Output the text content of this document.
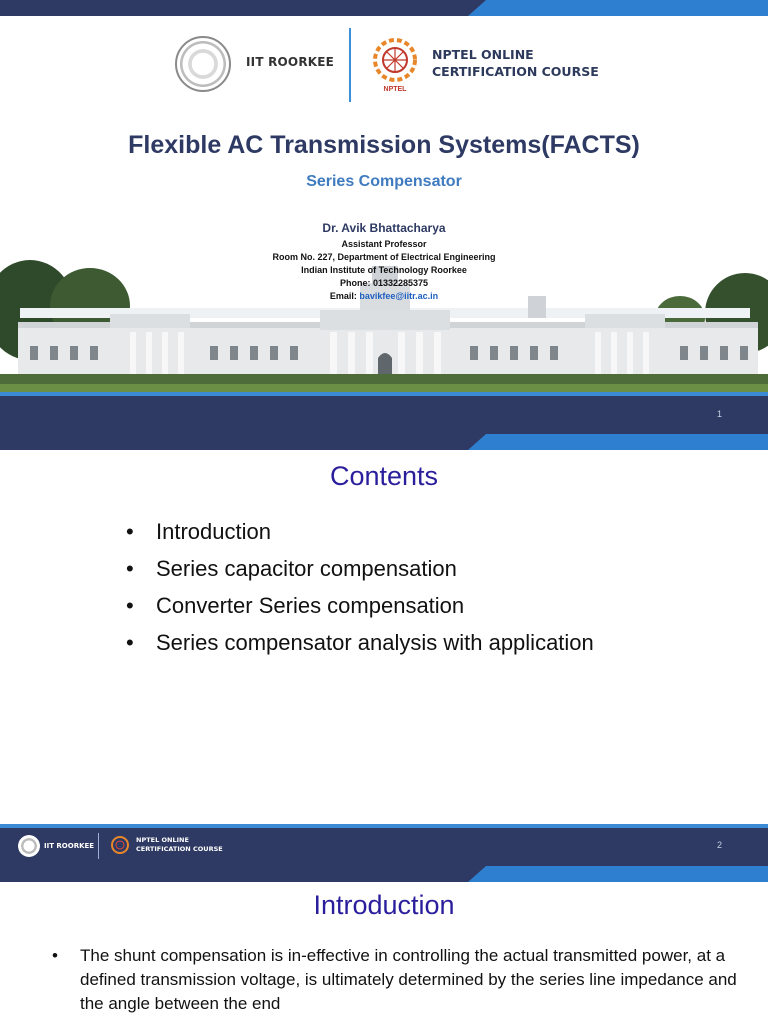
IIT ROORKEE
NPTEL
NPTEL ONLINE
CERTIFICATION COURSE
Flexible AC Transmission Systems(FACTS)
Series Compensator
Dr. Avik Bhattacharya
Assistant Professor
Room No. 227, Department of Electrical Engineering
Indian Institute of Technology Roorkee
Phone: 01332285375
Email: bavikfee@iitr.ac.in
1
Contents
• Introduction
• Series capacitor compensation
• Converter Series compensation
• Series compensator analysis with application
IIT ROORKEE
NPTEL ONLINE
CERTIFICATION COURSE	2
Introduction
• The shunt compensation is in-effective in controlling the actual transmitted power, at a defined transmission voltage, is ultimately determined by the series line impedance and the angle between the end
